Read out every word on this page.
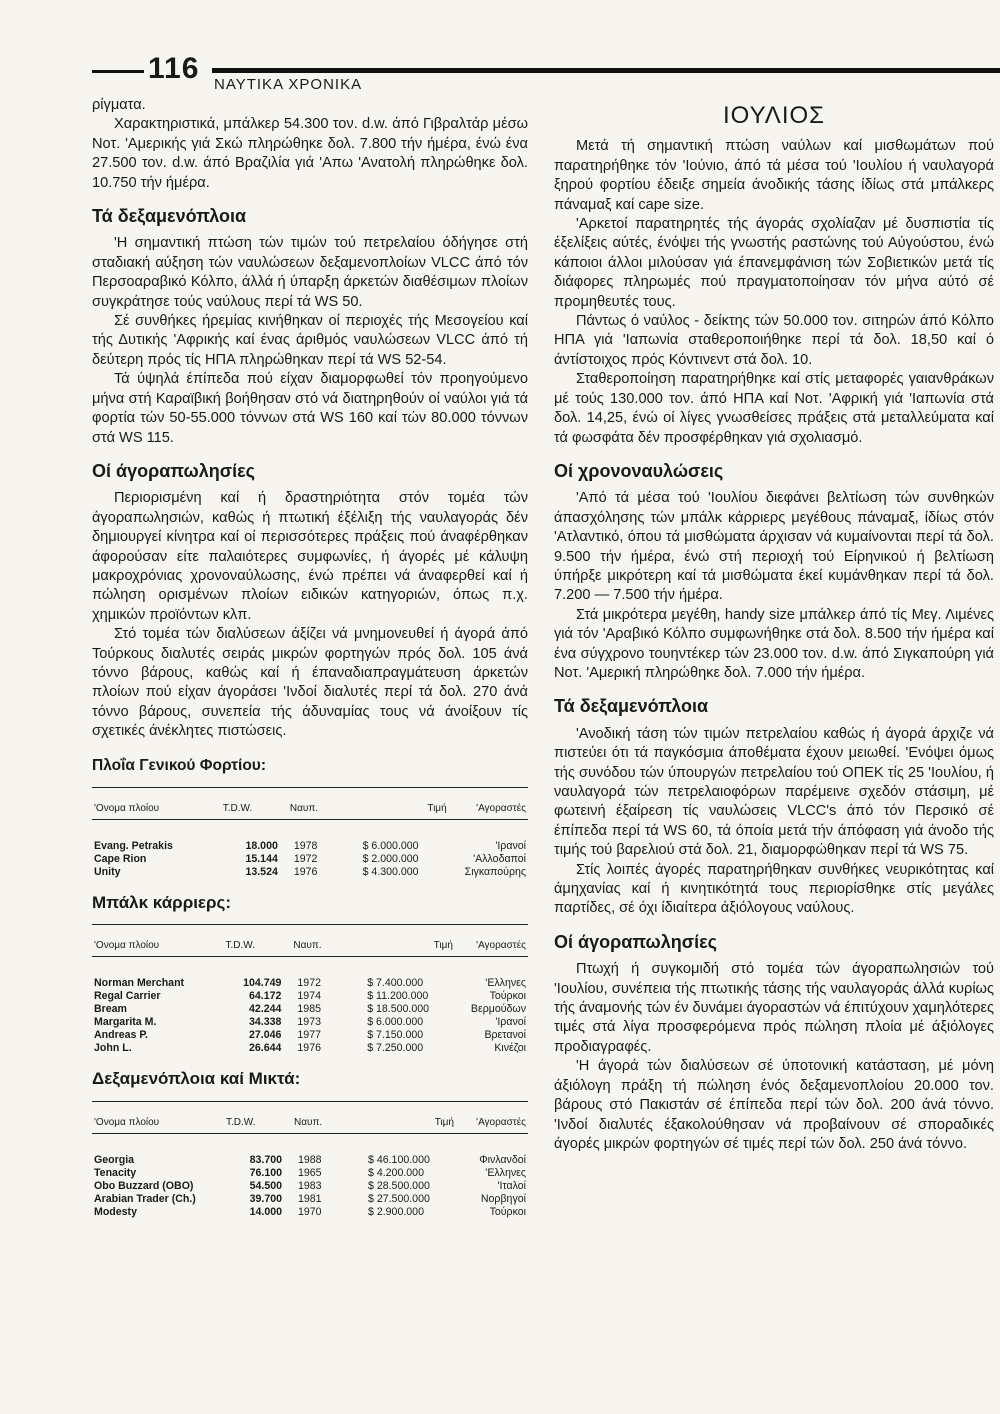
116 ΝΑΥΤΙΚΑ ΧΡΟΝΙΚΑ

ρίγματα.

Χαρακτηριστικά, μπάλκερ 54.300 τον. d.w. άπό Γιβραλτάρ μέσω Νοτ. 'Αμερικής γιά Σκώ πληρώθηκε δολ. 7.800 τήν ήμέρα, ένώ ένα 27.500 τον. d.w. άπό Βραζιλία γιά 'Απω 'Ανατολή πληρώθηκε δολ. 10.750 τήν ήμέρα.

Τά δεξαμενόπλοια

'Η σημαντική πτώση τών τιμών τού πετρελαίου όδήγησε στή σταδιακή αύξηση τών ναυλώσεων δεξαμενοπλοίων VLCC άπό τόν Περσοαραβικό Κόλπο, άλλά ή ύπαρξη άρκετών διαθέσιμων πλοίων συγκράτησε τούς ναύλους περί τά WS 50.

Σέ συνθήκες ήρεμίας κινήθηκαν οί περιοχές τής Μεσογείου καί τής Δυτικής 'Αφρικής καί ένας άριθμός ναυλώσεων VLCC άπό τή δεύτερη πρός τίς ΗΠΑ πληρώθηκαν περί τά WS 52-54.

Τά ύψηλά έπίπεδα πού είχαν διαμορφωθεί τόν προηγούμενο μήνα στή Καραϊβική βοήθησαν στό νά διατηρηθούν οί ναύλοι γιά τά φορτία τών 50-55.000 τόννων στά WS 160 καί τών 80.000 τόννων στά WS 115.

Οί άγοραπωλησίες

Περιορισμένη καί ή δραστηριότητα στόν τομέα τών άγοραπωλησιών, καθώς ή πτωτική έξέλιξη τής ναυλαγοράς δέν δημιουργεί κίνητρα καί οί περισσότερες πράξεις πού άναφέρθηκαν άφορούσαν είτε παλαιότερες συμφωνίες, ή άγορές μέ κάλυψη μακροχρόνιας χρονοναύλωσης, ένώ πρέπει νά άναφερθεί καί ή πώληση ορισμένων πλοίων ειδικών κατηγοριών, όπως π.χ. χημικών προϊόντων κλπ.

Στό τομέα τών διαλύσεων άξίζει νά μνημονευθεί ή άγορά άπό Τούρκους διαλυτές σειράς μικρών φορτηγών πρός δολ. 105 άνά τόννο βάρους, καθώς καί ή έπαναδιαπραγμάτευση άρκετών πλοίων πού είχαν άγοράσει 'Ινδοί διαλυτές περί τά δολ. 270 άνά τόννο βάρους, συνεπεία τής άδυναμίας τους νά άνοίξουν τίς σχετικές άνέκλητες πιστώσεις.

Πλοΐα Γενικού Φορτίου:
'Ονομα πλοίου	T.D.W.	Ναυπ.	Τιμή	'Αγοραστές
Evang. Petrakis	18.000	1978	$ 6.000.000	'Ιρανοί
Cape Rion	15.144	1972	$ 2.000.000	'Αλλοδαποί
Unity	13.524	1976	$ 4.300.000	Σιγκαπούρης
Μπάλκ κάρριερς:
'Ονομα πλοίου	T.D.W.	Ναυπ.	Τιμή	'Αγοραστές
Norman Merchant	104.749	1972	$ 7.400.000	'Ελληνες
Regal Carrier	64.172	1974	$ 11.200.000	Τούρκοι
Bream	42.244	1985	$ 18.500.000	Βερμούδων
Margarita M.	34.338	1973	$ 6.000.000	'Ιρανοί
Andreas P.	27.046	1977	$ 7.150.000	Βρετανοί
John L.	26.644	1976	$ 7.250.000	Κινέζοι
Δεξαμενόπλοια καί Μικτά:
'Ονομα πλοίου	T.D.W.	Ναυπ.	Τιμή	'Αγοραστές
Georgia	83.700	1988	$ 46.100.000	Φινλανδοί
Tenacity	76.100	1965	$ 4.200.000	'Ελληνες
Obo Buzzard (OBO)	54.500	1983	$ 28.500.000	'Ιταλοί
Arabian Trader (Ch.)	39.700	1981	$ 27.500.000	Νορβηγοί
Modesty	14.000	1970	$ 2.900.000	Τούρκοι
ΙΟΥΛΙΟΣ

Μετά τή σημαντική πτώση ναύλων καί μισθωμάτων πού παρατηρήθηκε τόν 'Ιούνιο, άπό τά μέσα τού 'Ιουλίου ή ναυλαγορά ξηρού φορτίου έδειξε σημεία άνοδικής τάσης ίδίως στά μπάλκερς πάναμαξ καί cape size.

'Αρκετοί παρατηρητές τής άγοράς σχολίαζαν μέ δυσπιστία τίς έξελίξεις αύτές, ένόψει τής γνωστής ραστώνης τού Αύγούστου, ένώ κάποιοι άλλοι μιλούσαν γιά έπανεμφάνιση τών Σοβιετικών μετά τίς διάφορες πληρωμές πού πραγματοποίησαν τόν μήνα αύτό σέ προμηθευτές τους.

Πάντως ό ναύλος - δείκτης τών 50.000 τον. σιτηρών άπό Κόλπο ΗΠΑ γιά 'Ιαπωνία σταθεροποιήθηκε περί τά δολ. 18,50 καί ό άντίστοιχος πρός Κόντινεντ στά δολ. 10.

Σταθεροποίηση παρατηρήθηκε καί στίς μεταφορές γαιανθράκων μέ τούς 130.000 τον. άπό ΗΠΑ καί Νοτ. 'Αφρική γιά 'Ιαπωνία στά δολ. 14,25, ένώ οί λίγες γνωσθείσες πράξεις στά μεταλλεύματα καί τά φωσφάτα δέν προσφέρθηκαν γιά σχολιασμό.

Οί χρονοναυλώσεις

'Από τά μέσα τού 'Ιουλίου διεφάνει βελτίωση τών συνθηκών άπασχόλησης τών μπάλκ κάρριερς μεγέθους πάναμαξ, ίδίως στόν 'Ατλαντικό, όπου τά μισθώματα άρχισαν νά κυμαίνονται περί τά δολ. 9.500 τήν ήμέρα, ένώ στή περιοχή τού Είρηνικού ή βελτίωση ύπήρξε μικρότερη καί τά μισθώματα έκεί κυμάνθηκαν περί τά δολ. 7.200 — 7.500 τήν ήμέρα.

Στά μικρότερα μεγέθη, handy size μπάλκερ άπό τίς Μεγ. Λιμένες γιά τόν 'Αραβικό Κόλπο συμφωνήθηκε στά δολ. 8.500 τήν ήμέρα καί ένα σύγχρονο τουηντέκερ τών 23.000 τον. d.w. άπό Σιγκαπούρη γιά Νοτ. 'Αμερική πληρώθηκε δολ. 7.000 τήν ήμέρα.

Τά δεξαμενόπλοια

'Ανοδική τάση τών τιμών πετρελαίου καθώς ή άγορά άρχιζε νά πιστεύει ότι τά παγκόσμια άποθέματα έχουν μειωθεί. 'Ενόψει όμως τής συνόδου τών ύπουργών πετρελαίου τού ΟΠΕΚ τίς 25 'Ιουλίου, ή ναυλαγορά τών πετρελαιοφόρων παρέμεινε σχεδόν στάσιμη, μέ φωτεινή έξαίρεση τίς ναυλώσεις VLCC's άπό τόν Περσικό σέ έπίπεδα περί τά WS 60, τά όποία μετά τήν άπόφαση γιά άνοδο τής τιμής τού βαρελιού στά δολ. 21, διαμορφώθηκαν περί τά WS 75.

Στίς λοιπές άγορές παρατηρήθηκαν συνθήκες νευρικότητας καί άμηχανίας καί ή κινητικότητά τους περιορίσθηκε στίς μεγάλες παρτίδες, σέ όχι ίδιαίτερα άξιόλογους ναύλους.

Οί άγοραπωλησίες

Πτωχή ή συγκομιδή στό τομέα τών άγοραπωλησιών τού 'Ιουλίου, συνέπεια τής πτωτικής τάσης τής ναυλαγοράς άλλά κυρίως τής άναμονής τών έν δυνάμει άγοραστών νά έπιτύχουν χαμηλότερες τιμές στά λίγα προσφερόμενα πρός πώληση πλοία μέ άξιόλογες προδιαγραφές.

'Η άγορά τών διαλύσεων σέ ύποτονική κατάσταση, μέ μόνη άξιόλογη πράξη τή πώληση ένός δεξαμενοπλοίου 20.000 τον. βάρους στό Πακιστάν σέ έπίπεδα περί τών δολ. 200 άνά τόννο. 'Ινδοί διαλυτές έξακολούθησαν νά προβαίνουν σέ σποραδικές άγορές μικρών φορτηγών σέ τιμές περί τών δολ. 250 άνά τόννο.
